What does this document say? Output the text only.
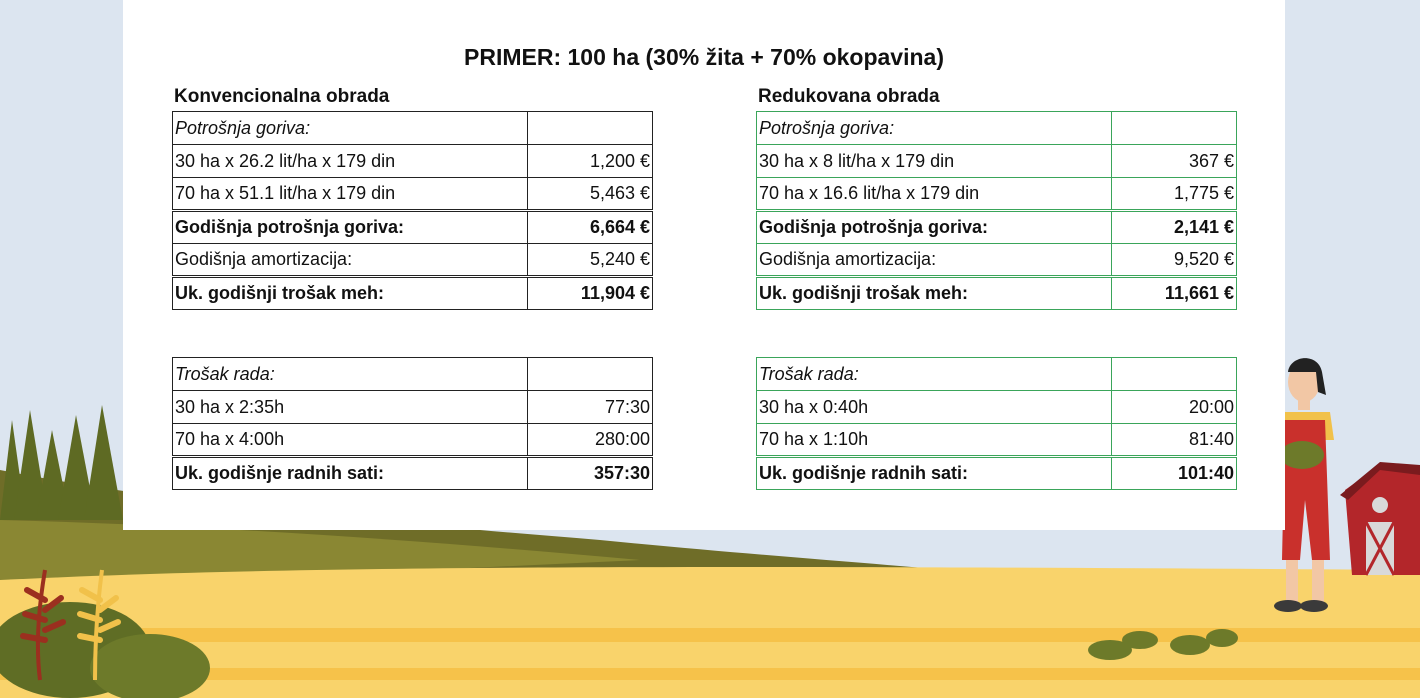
PRIMER: 100 ha (30% žita + 70% okopavina)
Konvencionalna obrada	Redukovana obrada
Potrošnja goriva:	
30 ha x 26.2 lit/ha x 179 din	1,200 €
70 ha x 51.1 lit/ha x 179 din	5,463 €
Godišnja potrošnja goriva:	6,664 €
Godišnja amortizacija:	5,240 €
Uk. godišnji trošak meh:	11,904 €
Potrošnja goriva:	
30 ha x 8 lit/ha x 179 din	367 €
70 ha x 16.6 lit/ha x 179 din	1,775 €
Godišnja potrošnja goriva:	2,141 €
Godišnja amortizacija:	9,520 €
Uk. godišnji trošak meh:	11,661 €
Trošak rada:	
30 ha x 2:35h	77:30
70 ha x 4:00h	280:00
Uk. godišnje radnih sati:	357:30
Trošak rada:	
30 ha x 0:40h	20:00
70 ha x 1:10h	81:40
Uk. godišnje radnih sati:	101:40
